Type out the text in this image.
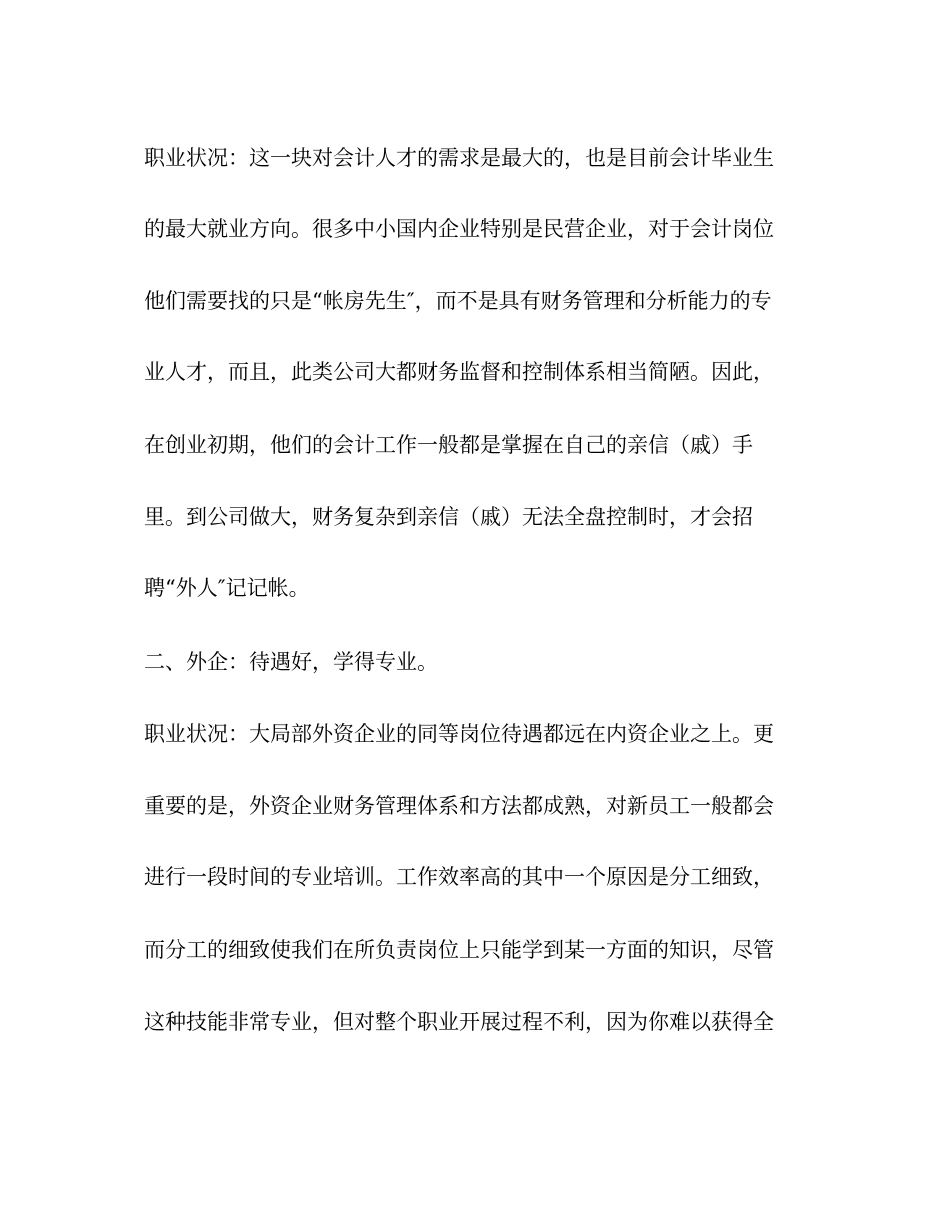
职业状况：这一块对会计人才的需求是最大的，也是目前会计毕业生

的最大就业方向。很多中小国内企业特别是民营企业，对于会计岗位

他们需要找的只是“帐房先生″，而不是具有财务管理和分析能力的专

业人才，而且，此类公司大都财务监督和控制体系相当简陋。因此，

在创业初期，他们的会计工作一般都是掌握在自己的亲信（戚）手

里。到公司做大，财务复杂到亲信（戚）无法全盘控制时，才会招

聘“外人″记记帐。

二、外企：待遇好，学得专业。

职业状况：大局部外资企业的同等岗位待遇都远在内资企业之上。更

重要的是，外资企业财务管理体系和方法都成熟，对新员工一般都会

进行一段时间的专业培训。工作效率高的其中一个原因是分工细致，

而分工的细致使我们在所负责岗位上只能学到某一方面的知识，尽管

这种技能非常专业，但对整个职业开展过程不利，因为你难以获得全
